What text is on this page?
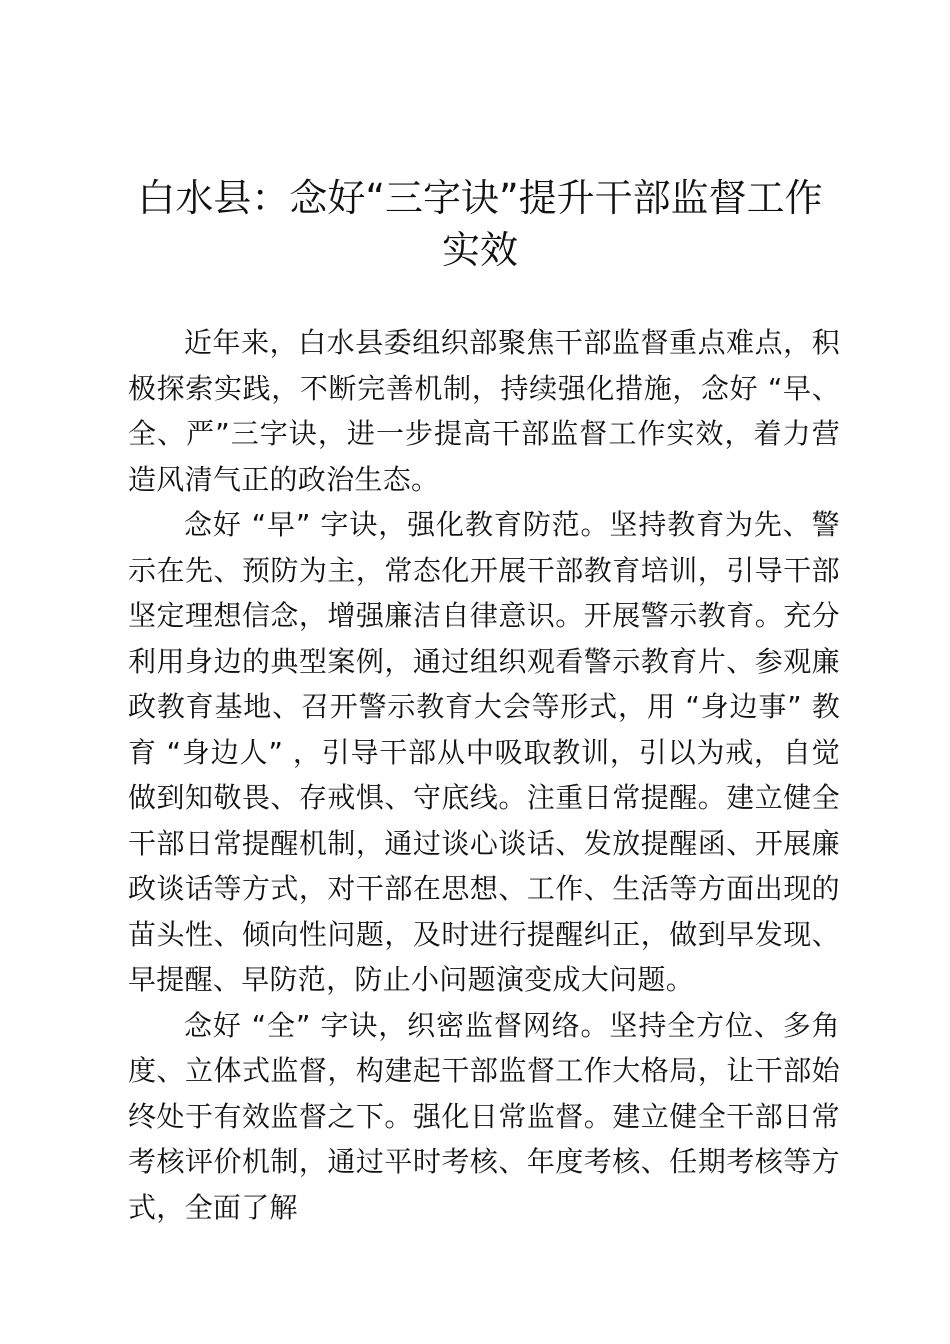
白水县：念好“三字诀”提升干部监督工作实效

近年来，白水县委组织部聚焦干部监督重点难点，积极探索实践，不断完善机制，持续强化措施，念好 “早、全、严”三字诀，进一步提高干部监督工作实效，着力营造风清气正的政治生态。

念好 “早” 字诀，强化教育防范。坚持教育为先、警示在先、预防为主，常态化开展干部教育培训，引导干部坚定理想信念，增强廉洁自律意识。开展警示教育。充分利用身边的典型案例，通过组织观看警示教育片、参观廉政教育基地、召开警示教育大会等形式，用 “身边事” 教育 “身边人” ，引导干部从中吸取教训，引以为戒，自觉做到知敬畏、存戒惧、守底线。注重日常提醒。建立健全干部日常提醒机制，通过谈心谈话、发放提醒函、开展廉政谈话等方式，对干部在思想、工作、生活等方面出现的苗头性、倾向性问题，及时进行提醒纠正，做到早发现、早提醒、早防范，防止小问题演变成大问题。

念好 “全” 字诀，织密监督网络。坚持全方位、多角度、立体式监督，构建起干部监督工作大格局，让干部始终处于有效监督之下。强化日常监督。建立健全干部日常考核评价机制，通过平时考核、年度考核、任期考核等方式，全面了解
